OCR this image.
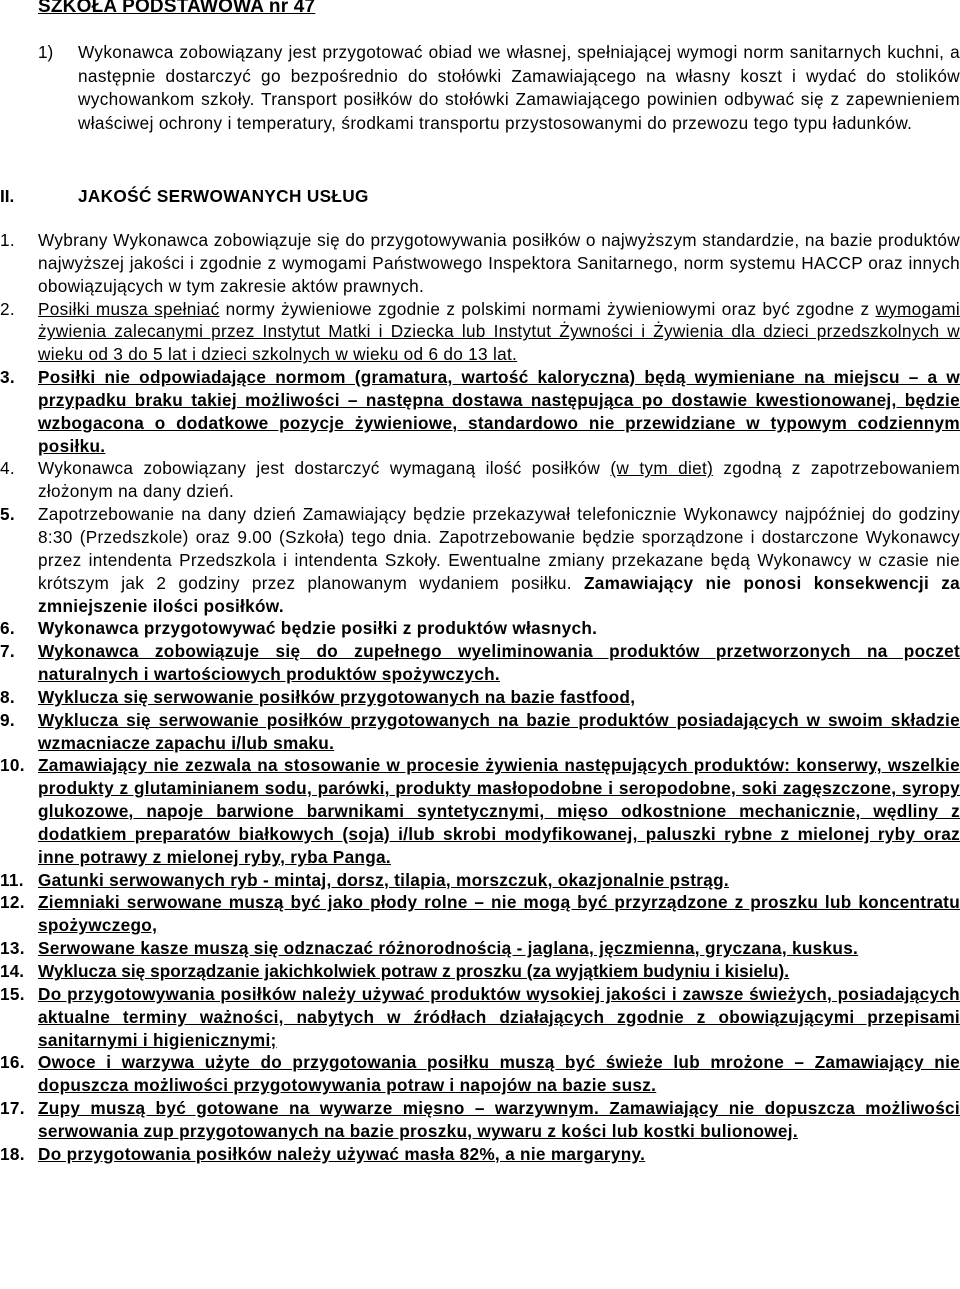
SZKOŁA PODSTAWOWA nr 47
1) Wykonawca zobowiązany jest przygotować obiad we własnej, spełniającej wymogi norm sanitarnych kuchni, a następnie dostarczyć go bezpośrednio do stołówki Zamawiającego na własny koszt i wydać do stolików wychowankom szkoły. Transport posiłków do stołówki Zamawiającego powinien odbywać się z zapewnieniem właściwej ochrony i temperatury, środkami transportu przystosowanymi do przewozu tego typu ładunków.
II.	JAKOŚĆ SERWOWANYCH USŁUG
1. Wybrany Wykonawca zobowiązuje się do przygotowywania posiłków o najwyższym standardzie, na bazie produktów najwyższej jakości i zgodnie z wymogami Państwowego Inspektora Sanitarnego, norm systemu HACCP oraz innych obowiązujących w tym zakresie aktów prawnych.
2. Posiłki musza spełniać normy żywieniowe zgodnie z polskimi normami żywieniowymi oraz być zgodne z wymogami żywienia zalecanymi przez Instytut Matki i Dziecka lub Instytut Żywności i Żywienia dla dzieci przedszkolnych w wieku od 3 do 5 lat i dzieci szkolnych w wieku od 6 do 13 lat.
3. Posiłki nie odpowiadające normom (gramatura, wartość kaloryczna) będą wymieniane na miejscu – a w przypadku braku takiej możliwości – następna dostawa następująca po dostawie kwestionowanej, będzie wzbogacona o dodatkowe pozycje żywieniowe, standardowo nie przewidziane w typowym codziennym posiłku.
4. Wykonawca zobowiązany jest dostarczyć wymaganą ilość posiłków (w tym diet) zgodną z zapotrzebowaniem złożonym na dany dzień.
5. Zapotrzebowanie na dany dzień Zamawiający będzie przekazywał telefonicznie Wykonawcy najpóźniej do godziny 8:30 (Przedszkole) oraz 9.00 (Szkoła) tego dnia. Zapotrzebowanie będzie sporządzone i dostarczone Wykonawcy przez intendenta Przedszkola i intendenta Szkoły. Ewentualne zmiany przekazane będą Wykonawcy w czasie nie krótszym jak 2 godziny przez planowanym wydaniem posiłku. Zamawiający nie ponosi konsekwencji za zmniejszenie ilości posiłków.
6. Wykonawca przygotowywać będzie posiłki z produktów własnych.
7. Wykonawca zobowiązuje się do zupełnego wyeliminowania produktów przetworzonych na poczet naturalnych i wartościowych produktów spożywczych.
8. Wyklucza się serwowanie posiłków przygotowanych na bazie fastfood,
9. Wyklucza się serwowanie posiłków przygotowanych na bazie produktów posiadających w swoim składzie wzmacniacze zapachu i/lub smaku.
10. Zamawiający nie zezwala na stosowanie w procesie żywienia następujących produktów: konserwy, wszelkie produkty z glutaminianem sodu, parówki, produkty masłopodobne i seropodobne, soki zagęszczone, syropy glukozowe, napoje barwione barwnikami syntetycznymi, mięso odkostnione mechanicznie, wędliny z dodatkiem preparatów białkowych (soja) i/lub skrobi modyfikowanej, paluszki rybne z mielonej ryby oraz inne potrawy z mielonej ryby, ryba Panga.
11. Gatunki serwowanych ryb - mintaj, dorsz, tilapia, morszczuk, okazjonalnie pstrąg.
12. Ziemniaki serwowane muszą być jako płody rolne – nie mogą być przyrządzone z proszku lub koncentratu spożywczego,
13. Serwowane kasze muszą się odznaczać różnorodnością - jaglana, jęczmienna, gryczana, kuskus.
14. Wyklucza się sporządzanie jakichkolwiek potraw z proszku (za wyjątkiem budyniu i kisielu).
15. Do przygotowywania posiłków należy używać produktów wysokiej jakości i zawsze świeżych, posiadających aktualne terminy ważności, nabytych w źródłach działających zgodnie z obowiązującymi przepisami sanitarnymi i higienicznymi;
16. Owoce i warzywa użyte do przygotowania posiłku muszą być świeże lub mrożone – Zamawiający nie dopuszcza możliwości przygotowywania potraw i napojów na bazie susz.
17. Zupy muszą być gotowane na wywarze mięsno – warzywnym. Zamawiający nie dopuszcza możliwości serwowania zup przygotowanych na bazie proszku, wywaru z kości lub kostki bulionowej.
18. Do przygotowania posiłków należy używać masła 82%, a nie margaryny.
